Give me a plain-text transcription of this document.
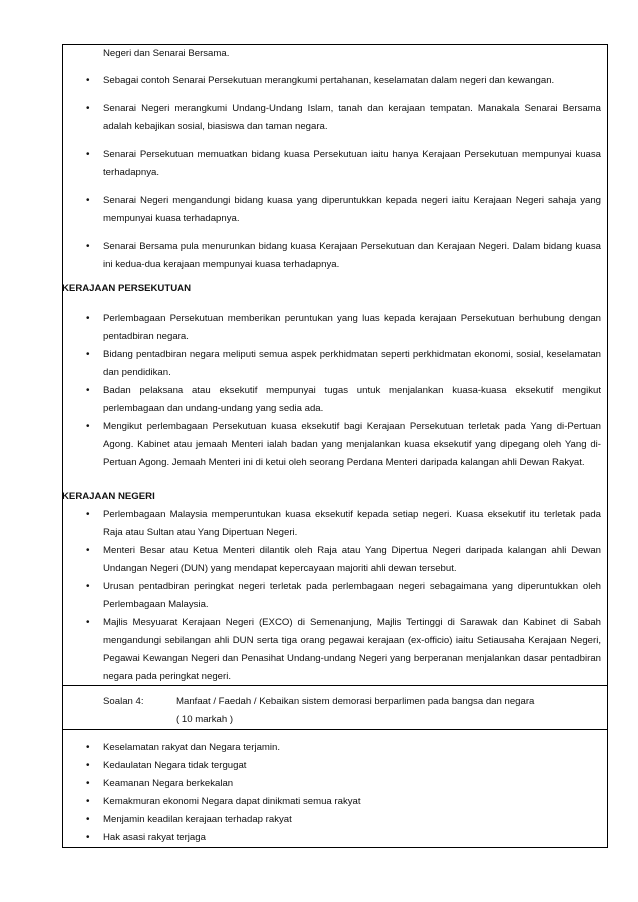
Negeri dan Senarai Bersama.
• Sebagai contoh Senarai Persekutuan merangkumi pertahanan, keselamatan dalam negeri dan kewangan.
• Senarai Negeri merangkumi Undang-Undang Islam, tanah dan kerajaan tempatan. Manakala Senarai Bersama adalah kebajikan sosial, biasiswa dan taman negara.
• Senarai Persekutuan memuatkan bidang kuasa Persekutuan iaitu hanya Kerajaan Persekutuan mempunyai kuasa terhadapnya.
• Senarai Negeri mengandungi bidang kuasa yang diperuntukkan kepada negeri iaitu Kerajaan Negeri sahaja yang mempunyai kuasa terhadapnya.
• Senarai Bersama pula menurunkan bidang kuasa Kerajaan Persekutuan dan Kerajaan Negeri. Dalam bidang kuasa ini kedua-dua kerajaan mempunyai kuasa terhadapnya.

KERAJAAN PERSEKUTUAN

• Perlembagaan Persekutuan memberikan peruntukan yang luas kepada kerajaan Persekutuan berhubung dengan pentadbiran negara.
• Bidang pentadbiran negara meliputi semua aspek perkhidmatan seperti perkhidmatan ekonomi, sosial, keselamatan dan pendidikan.
• Badan pelaksana atau eksekutif mempunyai tugas untuk menjalankan kuasa-kuasa eksekutif mengikut perlembagaan dan undang-undang yang sedia ada.
• Mengikut perlembagaan Persekutuan kuasa eksekutif bagi Kerajaan Persekutuan terletak pada Yang di-Pertuan Agong. Kabinet atau jemaah Menteri ialah badan yang menjalankan kuasa eksekutif yang dipegang oleh Yang di-Pertuan Agong. Jemaah Menteri ini di ketui oleh seorang Perdana Menteri daripada kalangan ahli Dewan Rakyat.

KERAJAAN NEGERI

• Perlembagaan Malaysia memperuntukan kuasa eksekutif kepada setiap negeri. Kuasa eksekutif itu terletak pada Raja atau Sultan atau Yang Dipertuan Negeri.
• Menteri Besar atau Ketua Menteri dilantik oleh Raja atau Yang Dipertua Negeri daripada kalangan ahli Dewan Undangan Negeri (DUN) yang mendapat kepercayaan majoriti ahli dewan tersebut.
• Urusan pentadbiran peringkat negeri terletak pada perlembagaan negeri sebagaimana yang diperuntukkan oleh Perlembagaan Malaysia.
• Majlis Mesyuarat Kerajaan Negeri (EXCO) di Semenanjung, Majlis Tertinggi di Sarawak dan Kabinet di Sabah mengandungi sebilangan ahli DUN serta tiga orang pegawai kerajaan (ex-officio) iaitu Setiausaha Kerajaan Negeri, Pegawai Kewangan Negeri dan Penasihat Undang-undang Negeri yang berperanan menjalankan dasar pentadbiran negara pada peringkat negeri.
Soalan 4:	Manfaat / Faedah / Kebaikan sistem demorasi berparlimen pada bangsa dan negara
( 10 markah )
• Keselamatan rakyat dan Negara terjamin.
• Kedaulatan Negara tidak tergugat
• Keamanan Negara berkekalan
• Kemakmuran ekonomi Negara dapat dinikmati semua rakyat
• Menjamin keadilan kerajaan terhadap rakyat
• Hak asasi rakyat terjaga
